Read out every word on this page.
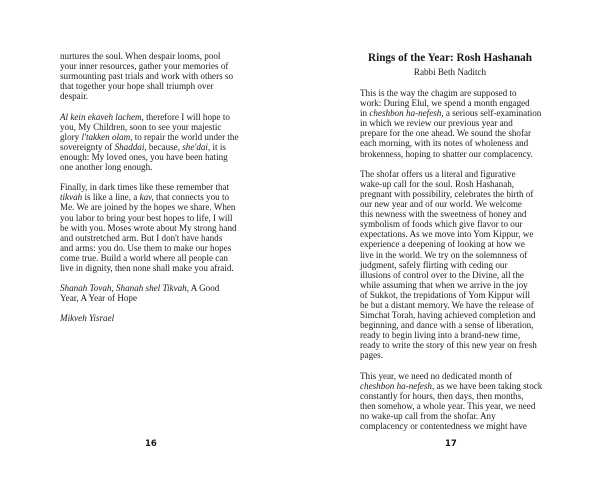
nurtures the soul. When despair looms, pool
your inner resources, gather your memories of
surmounting past trials and work with others so
that together your hope shall triumph over
despair.
Al kein ekaveh lachem, therefore I will hope to
you, My Children, soon to see your majestic
glory l'takken olam, to repair the world under the
sovereignty of Shaddai, because, she'dai, it is
enough: My loved ones, you have been hating
one another long enough.
Finally, in dark times like these remember that
tikvah is like a line, a kav, that connects you to
Me. We are joined by the hopes we share. When
you labor to bring your best hopes to life, I will
be with you. Moses wrote about My strong hand
and outstretched arm. But I don't have hands
and arms: you do. Use them to make our hopes
come true. Build a world where all people can
live in dignity, then none shall make you afraid.
Shanah Tovah, Shanah shel Tikvah, A Good
Year, A Year of Hope
Mikveh Yisrael
16
Rings of the Year: Rosh Hashanah
Rabbi Beth Naditch
This is the way the chagim are supposed to
work: During Elul, we spend a month engaged
in cheshbon ha-nefesh, a serious self-examination
in which we review our previous year and
prepare for the one ahead. We sound the shofar
each morning, with its notes of wholeness and
brokenness, hoping to shatter our complacency.
The shofar offers us a literal and figurative
wake-up call for the soul. Rosh Hashanah,
pregnant with possibility, celebrates the birth of
our new year and of our world. We welcome
this newness with the sweetness of honey and
symbolism of foods which give flavor to our
expectations. As we move into Yom Kippur, we
experience a deepening of looking at how we
live in the world. We try on the solemnness of
judgment, safely flirting with ceding our
illusions of control over to the Divine, all the
while assuming that when we arrive in the joy
of Sukkot, the trepidations of Yom Kippur will
be but a distant memory. We have the release of
Simchat Torah, having achieved completion and
beginning, and dance with a sense of liberation,
ready to begin living into a brand-new time,
ready to write the story of this new year on fresh
pages.
This year, we need no dedicated month of
cheshbon ha-nefesh, as we have been taking stock
constantly for hours, then days, then months,
then somehow, a whole year. This year, we need
no wake-up call from the shofar. Any
complacency or contentedness we might have
17
